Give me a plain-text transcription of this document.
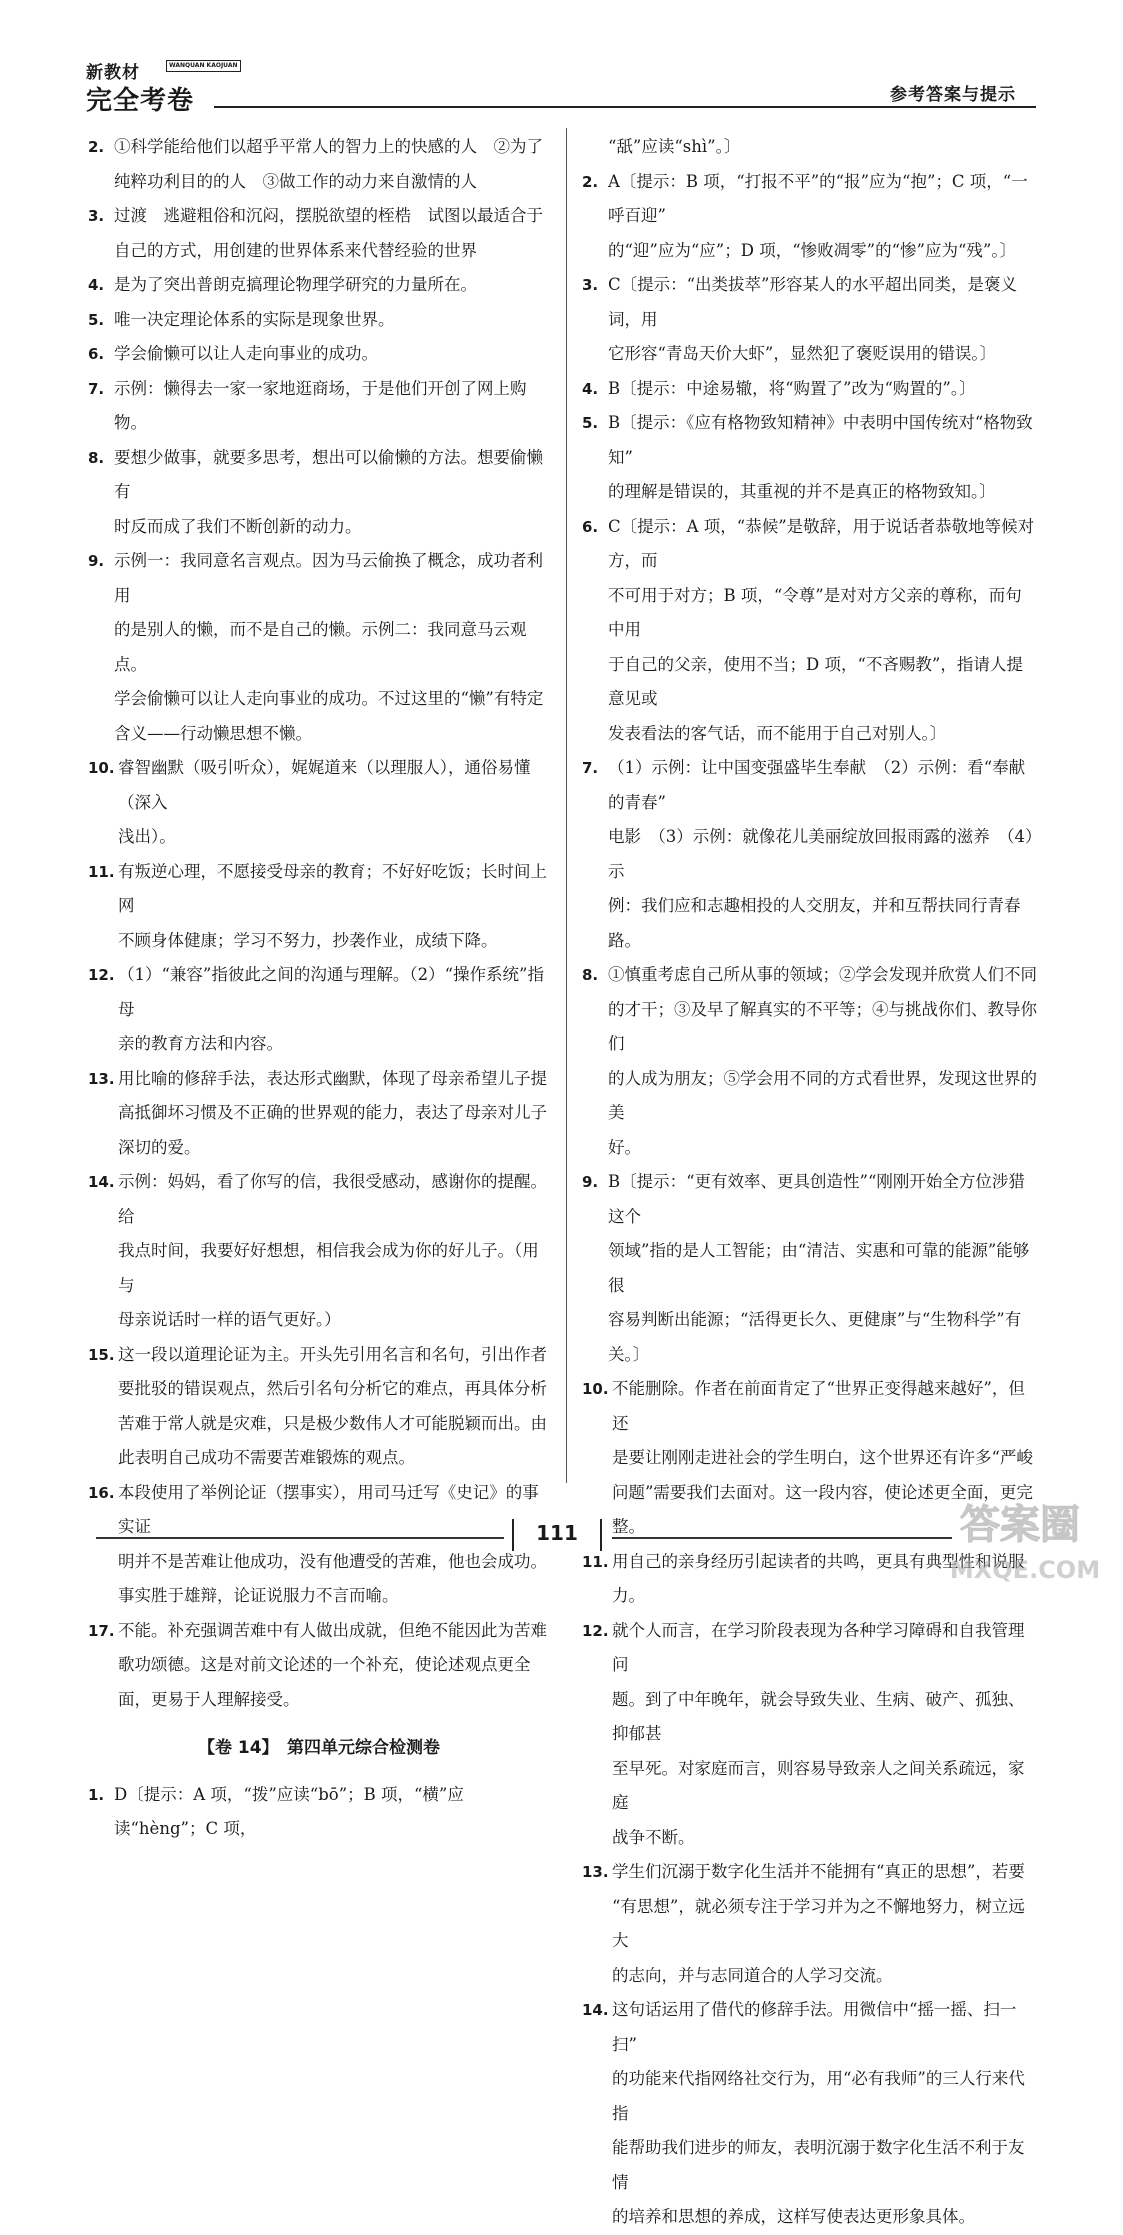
新教材	WANQUAN KAOJUAN
完全考卷	参考答案与提示
2. ①科学能给他们以超乎平常人的智力上的快感的人　②为了
纯粹功利目的的人　③做工作的动力来自激情的人
3. 过渡　逃避粗俗和沉闷，摆脱欲望的桎梏　试图以最适合于
自己的方式，用创建的世界体系来代替经验的世界
4. 是为了突出普朗克搞理论物理学研究的力量所在。
5. 唯一决定理论体系的实际是现象世界。
6. 学会偷懒可以让人走向事业的成功。
7. 示例：懒得去一家一家地逛商场，于是他们开创了网上购物。
8. 要想少做事，就要多思考，想出可以偷懒的方法。想要偷懒有
时反而成了我们不断创新的动力。
9. 示例一：我同意名言观点。因为马云偷换了概念，成功者利用
的是别人的懒，而不是自己的懒。示例二：我同意马云观点。
学会偷懒可以让人走向事业的成功。不过这里的“懒”有特定
含义——行动懒思想不懒。
10. 睿智幽默（吸引听众），娓娓道来（以理服人），通俗易懂（深入
浅出）。
11. 有叛逆心理，不愿接受母亲的教育；不好好吃饭；长时间上网
不顾身体健康；学习不努力，抄袭作业，成绩下降。
12. （1）“兼容”指彼此之间的沟通与理解。（2）“操作系统”指母
亲的教育方法和内容。
13. 用比喻的修辞手法，表达形式幽默，体现了母亲希望儿子提
高抵御坏习惯及不正确的世界观的能力，表达了母亲对儿子
深切的爱。
14. 示例：妈妈，看了你写的信，我很受感动，感谢你的提醒。给
我点时间，我要好好想想，相信我会成为你的好儿子。（用与
母亲说话时一样的语气更好。）
15. 这一段以道理论证为主。开头先引用名言和名句，引出作者
要批驳的错误观点，然后引名句分析它的难点，再具体分析
苦难于常人就是灾难，只是极少数伟人才可能脱颖而出。由
此表明自己成功不需要苦难锻炼的观点。
16. 本段使用了举例论证（摆事实），用司马迁写《史记》的事实证
明并不是苦难让他成功，没有他遭受的苦难，他也会成功。
事实胜于雄辩，论证说服力不言而喻。
17. 不能。补充强调苦难中有人做出成就，但绝不能因此为苦难
歌功颂德。这是对前文论述的一个补充，使论述观点更全
面，更易于人理解接受。
【卷 14】　第四单元综合检测卷
1. D〔提示：A 项，“拨”应读“bō”；B 项，“横”应读“hèng”；C 项，
“舐”应读“shì”。〕
2. A〔提示：B 项，“打报不平”的“报”应为“抱”；C 项，“一呼百迎”
的“迎”应为“应”；D 项，“惨败凋零”的“惨”应为“残”。〕
3. C〔提示：“出类拔萃”形容某人的水平超出同类，是褒义词，用
它形容“青岛天价大虾”，显然犯了褒贬误用的错误。〕
4. B〔提示：中途易辙，将“购置了”改为“购置的”。〕
5. B〔提示：《应有格物致知精神》中表明中国传统对“格物致知”
的理解是错误的，其重视的并不是真正的格物致知。〕
6. C〔提示：A 项，“恭候”是敬辞，用于说话者恭敬地等候对方，而
不可用于对方；B 项，“令尊”是对对方父亲的尊称，而句中用
于自己的父亲，使用不当；D 项，“不吝赐教”，指请人提意见或
发表看法的客气话，而不能用于自己对别人。〕
7. （1）示例：让中国变强盛毕生奉献　（2）示例：看“奉献的青春”
电影　（3）示例：就像花儿美丽绽放回报雨露的滋养　（4）示
例：我们应和志趣相投的人交朋友，并和互帮扶同行青春路。
8. ①慎重考虑自己所从事的领域；②学会发现并欣赏人们不同
的才干；③及早了解真实的不平等；④与挑战你们、教导你们
的人成为朋友；⑤学会用不同的方式看世界，发现这世界的美
好。
9. B〔提示：“更有效率、更具创造性”“刚刚开始全方位涉猎这个
领域”指的是人工智能；由“清洁、实惠和可靠的能源”能够很
容易判断出能源；“活得更长久、更健康”与“生物科学”有关。〕
10. 不能删除。作者在前面肯定了“世界正变得越来越好”，但还
是要让刚刚走进社会的学生明白，这个世界还有许多“严峻
问题”需要我们去面对。这一段内容，使论述更全面，更完
整。
11. 用自己的亲身经历引起读者的共鸣，更具有典型性和说服
力。
12. 就个人而言，在学习阶段表现为各种学习障碍和自我管理问
题。到了中年晚年，就会导致失业、生病、破产、孤独、抑郁甚
至早死。对家庭而言，则容易导致亲人之间关系疏远，家庭
战争不断。
13. 学生们沉溺于数字化生活并不能拥有“真正的思想”，若要
“有思想”，就必须专注于学习并为之不懈地努力，树立远大
的志向，并与志同道合的人学习交流。
14. 这句话运用了借代的修辞手法。用微信中“摇一摇、扫一扫”
的功能来代指网络社交行为，用“必有我师”的三人行来代指
能帮助我们进步的师友，表明沉溺于数字化生活不利于友情
的培养和思想的养成，这样写使表达更形象具体。
111	答案圈
MXQE.COM
